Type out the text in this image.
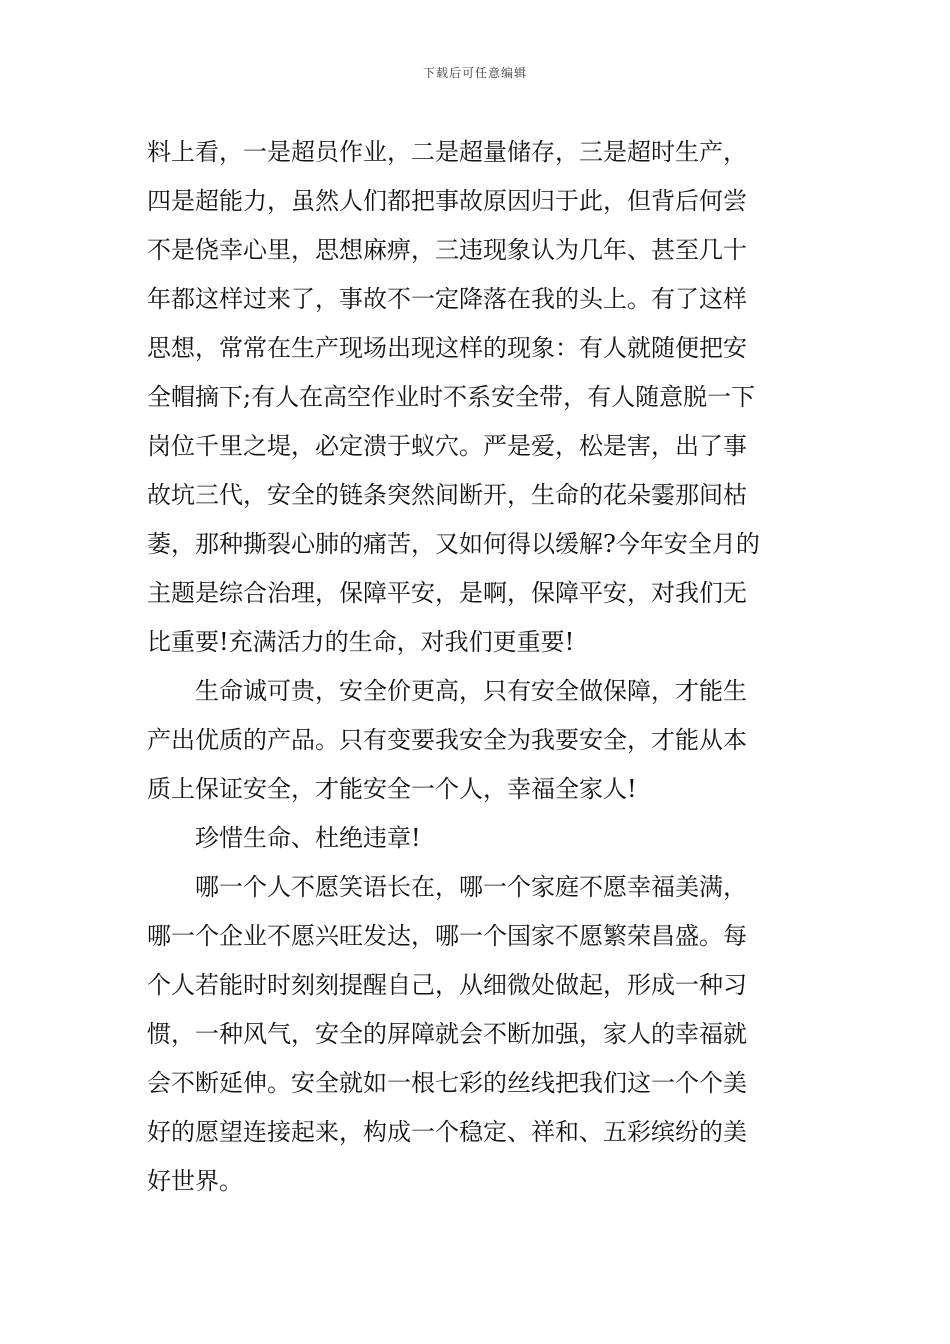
下载后可任意编辑
料上看，一是超员作业，二是超量储存，三是超时生产，
四是超能力，虽然人们都把事故原因归于此，但背后何尝
不是侥幸心里，思想麻痹，三违现象认为几年、甚至几十
年都这样过来了，事故不一定降落在我的头上。有了这样
思想，常常在生产现场出现这样的现象：有人就随便把安
全帽摘下;有人在高空作业时不系安全带，有人随意脱一下
岗位千里之堤，必定溃于蚁穴。严是爱，松是害，出了事
故坑三代，安全的链条突然间断开，生命的花朵霎那间枯
萎，那种撕裂心肺的痛苦，又如何得以缓解?今年安全月的
主题是综合治理，保障平安，是啊，保障平安，对我们无
比重要!充满活力的生命，对我们更重要!
生命诚可贵，安全价更高，只有安全做保障，才能生
产出优质的产品。只有变要我安全为我要安全，才能从本
质上保证安全，才能安全一个人，幸福全家人!
珍惜生命、杜绝违章!
哪一个人不愿笑语长在，哪一个家庭不愿幸福美满，
哪一个企业不愿兴旺发达，哪一个国家不愿繁荣昌盛。每
个人若能时时刻刻提醒自己，从细微处做起，形成一种习
惯，一种风气，安全的屏障就会不断加强，家人的幸福就
会不断延伸。安全就如一根七彩的丝线把我们这一个个美
好的愿望连接起来，构成一个稳定、祥和、五彩缤纷的美
好世界。
